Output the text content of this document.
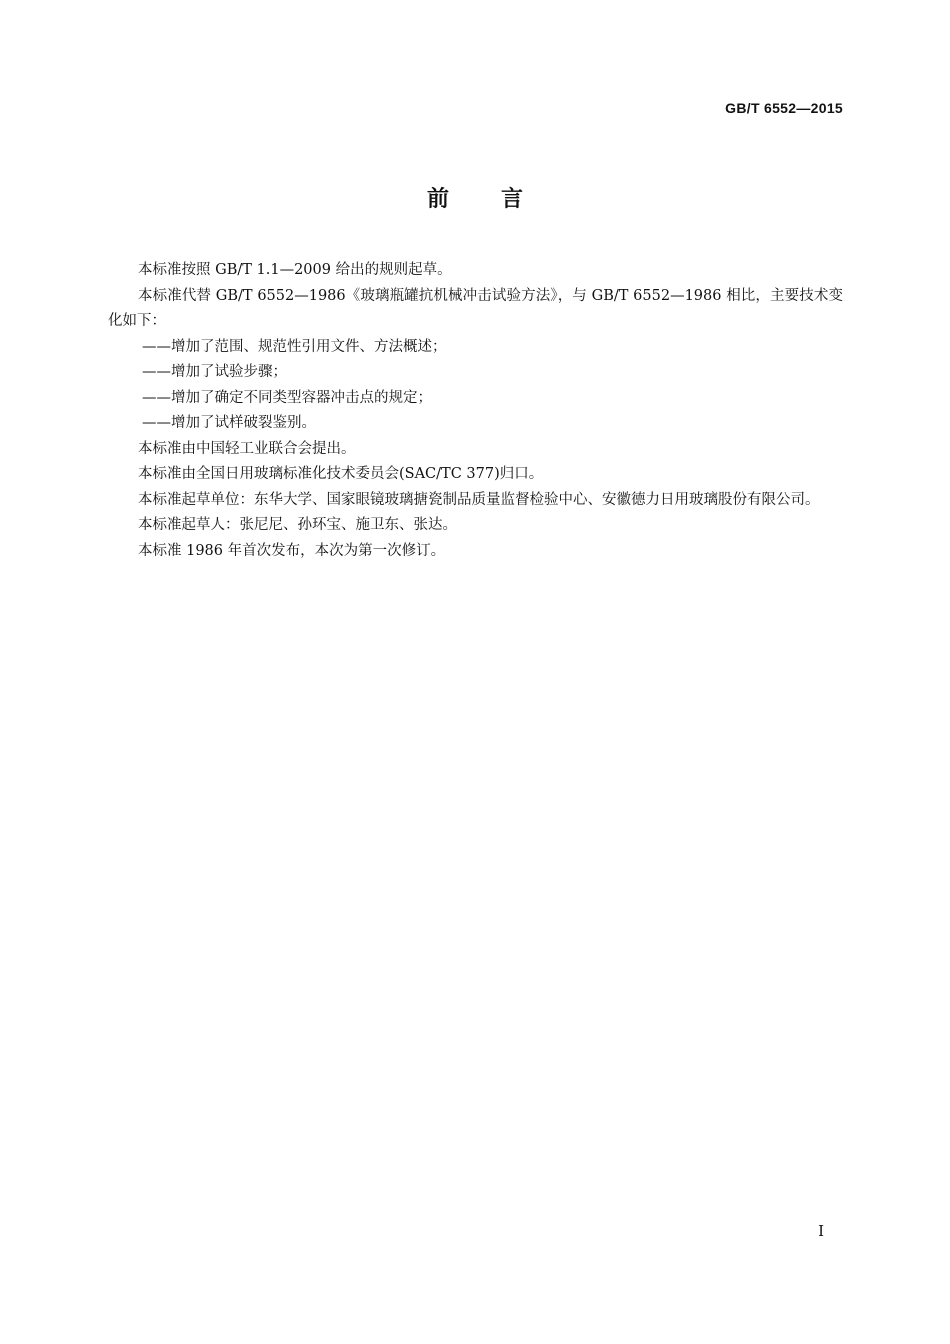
GB/T 6552—2015
前言

本标准按照 GB/T 1.1—2009 给出的规则起草。

本标准代替 GB/T 6552—1986《玻璃瓶罐抗机械冲击试验方法》，与 GB/T 6552—1986 相比，主要技术变化如下：

——增加了范围、规范性引用文件、方法概述；

——增加了试验步骤；

——增加了确定不同类型容器冲击点的规定；

——增加了试样破裂鉴别。

本标准由中国轻工业联合会提出。

本标准由全国日用玻璃标准化技术委员会(SAC/TC 377)归口。

本标准起草单位：东华大学、国家眼镜玻璃搪瓷制品质量监督检验中心、安徽德力日用玻璃股份有限公司。

本标准起草人：张尼尼、孙环宝、施卫东、张达。

本标准 1986 年首次发布，本次为第一次修订。

I
